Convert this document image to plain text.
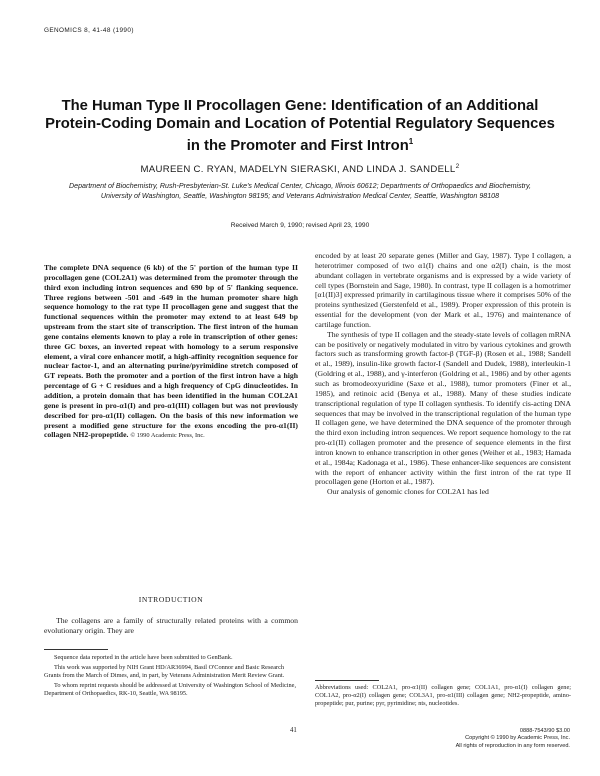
GENOMICS 8, 41-48 (1990)
The Human Type II Procollagen Gene: Identification of an Additional Protein-Coding Domain and Location of Potential Regulatory Sequences in the Promoter and First Intron$^1$
MAUREEN C. RYAN, MADELYN SIERASKI, AND LINDA J. SANDELL$^2$
Department of Biochemistry, Rush-Presbyterian-St. Luke's Medical Center, Chicago, Illinois 60612; Departments of Orthopaedics and Biochemistry, University of Washington, Seattle, Washington 98195; and Veterans Administration Medical Center, Seattle, Washington 98108
Received March 9, 1990; revised April 23, 1990
The complete DNA sequence (6 kb) of the 5' portion of the human type II procollagen gene (COL2A1) was determined from the promoter through the third exon including intron sequences and 690 bp of 5' flanking sequence. Three regions between -501 and -649 in the human promoter share high sequence homology to the rat type II procollagen gene and suggest that the functional sequences within the promoter may extend to at least 649 bp upstream from the start site of transcription. The first intron of the human gene contains elements known to play a role in transcription of other genes: three GC boxes, an inverted repeat with homology to a serum responsive element, a viral core enhancer motif, a high-affinity recognition sequence for nuclear factor-1, and an alternating purine/pyrimidine stretch composed of GT repeats. Both the promoter and a portion of the first intron have a high percentage of G + C residues and a high frequency of CpG dinucleotides. In addition, a protein domain that has been identified in the human COL2A1 gene is present in pro-α1(I) and pro-α1(III) collagen but was not previously described for pro-α1(II) collagen. On the basis of this new information we present a modified gene structure for the exons encoding the pro-α1(II) collagen NH2-propeptide. © 1990 Academic Press, Inc.
INTRODUCTION
The collagens are a family of structurally related proteins with a common evolutionary origin. They are

Sequence data reported in the article have been submitted to GenBank.

This work was supported by NIH Grant HD/AR36994, Basil O'Connor and Basic Research Grants from the March of Dimes, and, in part, by Veterans Administration Merit Review Grant.

To whom reprint requests should be addressed at University of Washington School of Medicine, Department of Orthopaedics, RK-10, Seattle, WA 98195.

encoded by at least 20 separate genes (Miller and Gay, 1987). Type I collagen, a heterotrimer composed of two α1(I) chains and one α2(I) chain, is the most abundant collagen in vertebrate organisms and is expressed by a wide variety of cell types (Bornstein and Sage, 1980). In contrast, type II collagen is a homotrimer [α1(II)3] expressed primarily in cartilaginous tissue where it comprises 50% of the proteins synthesized (Gerstenfeld et al., 1989). Proper expression of this protein is essential for the development (von der Mark et al., 1976) and maintenance of cartilage function.

The synthesis of type II collagen and the steady-state levels of collagen mRNA can be positively or negatively modulated in vitro by various cytokines and growth factors such as transforming growth factor-β (TGF-β) (Rosen et al., 1988; Sandell et al., 1989), insulin-like growth factor-I (Sandell and Dudek, 1988), interleukin-1 (Goldring et al., 1988), and γ-interferon (Goldring et al., 1986) and by other agents such as bromodeoxyuridine (Saxe et al., 1988), tumor promoters (Finer et al., 1985), and retinoic acid (Benya et al., 1988). Many of these studies indicate transcriptional regulation of type II collagen synthesis. To identify cis-acting DNA sequences that may be involved in the transcriptional regulation of the human type II collagen gene, we have determined the DNA sequence of the promoter through the third exon including intron sequences. We report sequence homology to the rat pro-α1(II) collagen promoter and the presence of sequence elements in the first intron known to enhance transcription in other genes (Weiher et al., 1983; Hamada et al., 1984a; Kadonaga et al., 1986). These enhancer-like sequences are consistent with the report of enhancer activity within the first intron of the rat type II procollagen gene (Horton et al., 1987).

Our analysis of genomic clones for COL2A1 has led

Abbreviations used: COL2A1, pro-α1(II) collagen gene; COL1A1, pro-α1(I) collagen gene; COL1A2, pro-α2(I) collagen gene; COL3A1, pro-α1(III) collagen gene; NH2-propeptide, amino-propeptide; pur, purine; pyr, pyrimidine; nts, nucleotides.
41	0888-7543/90 $3.00
Copyright © 1990 by Academic Press, Inc.
All rights of reproduction in any form reserved.
